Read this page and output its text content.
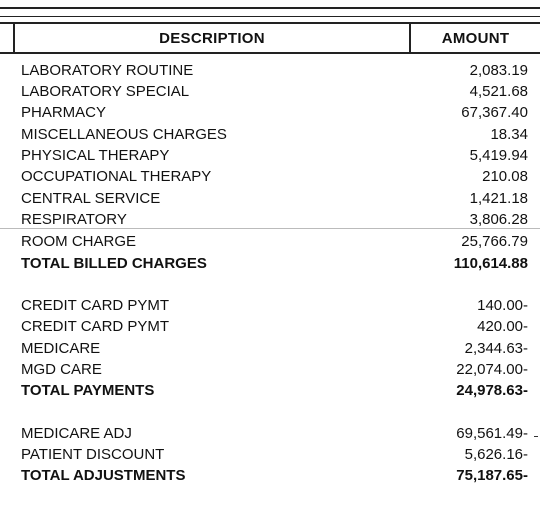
DESCRIPTION	AMOUNT
LABORATORY ROUTINE	2,083.19
LABORATORY SPECIAL	4,521.68
PHARMACY	67,367.40
MISCELLANEOUS CHARGES	18.34
PHYSICAL THERAPY	5,419.94
OCCUPATIONAL THERAPY	210.08
CENTRAL SERVICE	1,421.18
RESPIRATORY	3,806.28
ROOM CHARGE	25,766.79
TOTAL BILLED CHARGES	110,614.88
CREDIT CARD PYMT	140.00-
CREDIT CARD PYMT	420.00-
MEDICARE	2,344.63-
MGD CARE	22,074.00-
TOTAL PAYMENTS	24,978.63-
MEDICARE ADJ	69,561.49-
PATIENT DISCOUNT	5,626.16-
TOTAL ADJUSTMENTS	75,187.65-
